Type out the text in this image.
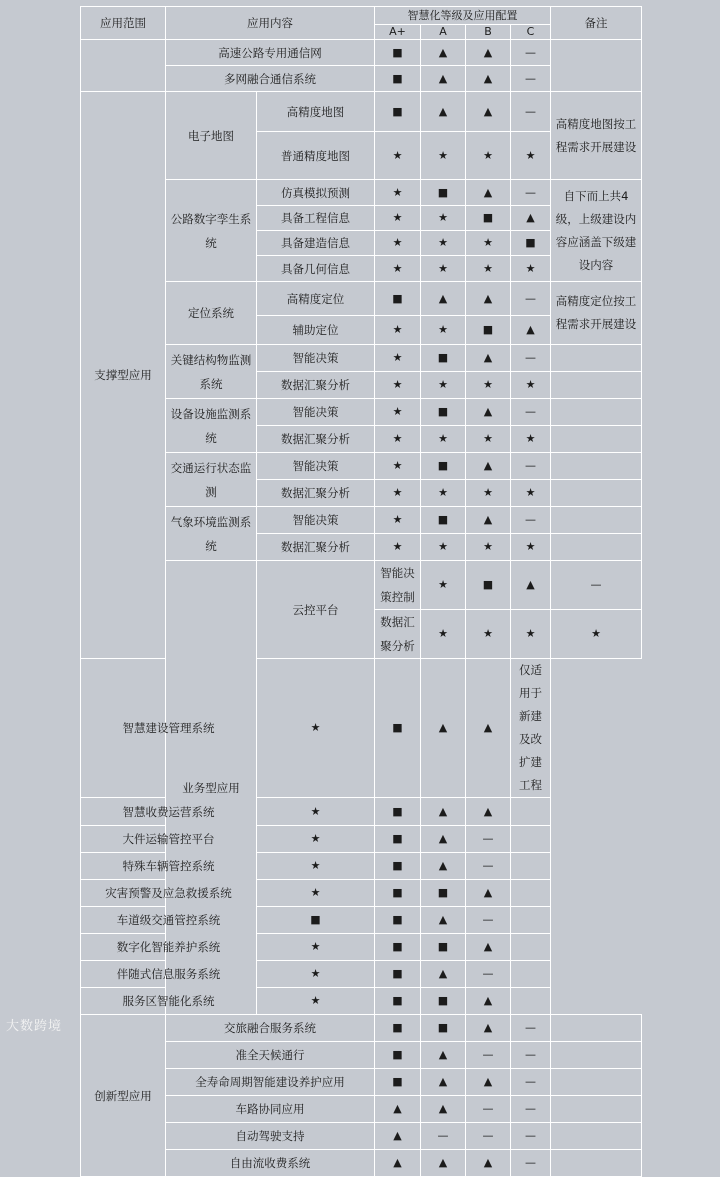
应用范围	应用内容		智慧化等级及应用配置				备注	
			A+	A	B	C		
	高速公路专用通信网		■	▲	▲	—		
	多网融合通信系统		■	▲	▲	—		
支撑型应用	电子地图	高精度地图	■	▲	▲	—	高精度地图按工程需求开展建设	
		普通精度地图	★	★	★	★		
	公路数字孪生系统	仿真模拟预测	★	■	▲	—	自下而上共4级，上级建设内容应涵盖下级建设内容	
		具备工程信息	★	★	■	▲		
		具备建造信息	★	★	★	■		
		具备几何信息	★	★	★	★		
	定位系统	高精度定位	■	▲	▲	—	高精度定位按工程需求开展建设	
		辅助定位	★	★	■	▲		
	关键结构物监测系统	智能决策	★	■	▲	—		
		数据汇聚分析	★	★	★	★		
	设备设施监测系统	智能决策	★	■	▲	—		
		数据汇聚分析	★	★	★	★		
	交通运行状态监测	智能决策	★	■	▲	—		
		数据汇聚分析	★	★	★	★		
	气象环境监测系统	智能决策	★	■	▲	—		
		数据汇聚分析	★	★	★	★		
	业务型应用	云控平台	智能决策控制	★	■	▲	—	
			数据汇聚分析	★	★	★	★	
智慧建设管理系统		★	■	▲	▲	仅适用于新建及改扩建工程		
智慧收费运营系统		★	■	▲	▲			
大件运输管控平台		★	■	▲	—			
特殊车辆管控系统		★	■	▲	—			
灾害预警及应急救援系统		★	■	■	▲			
车道级交通管控系统		■	■	▲	—			
数字化智能养护系统		★	■	■	▲			
伴随式信息服务系统		★	■	▲	—			
服务区智能化系统		★	■	■	▲			
创新型应用	交旅融合服务系统		■	■	▲	—		
	准全天候通行		■	▲	—	—		
	全寿命周期智能建设养护应用		■	▲	▲	—		
	车路协同应用		▲	▲	—	—		
	自动驾驶支持		▲	—	—	—		
	自由流收费系统		▲	▲	▲	—		
大数跨境
